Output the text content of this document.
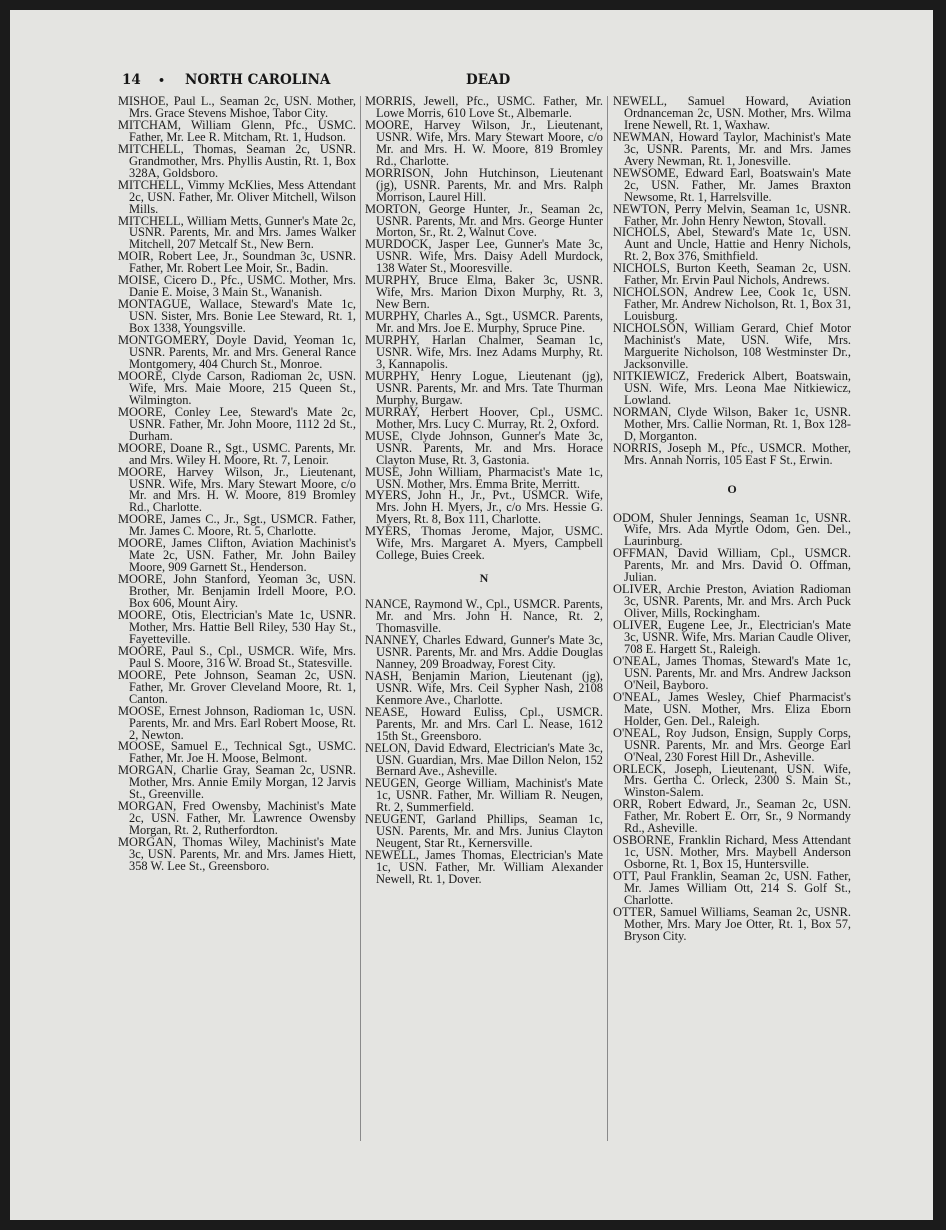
14 • NORTH CAROLINA	DEAD

MISHOE, Paul L., Seaman 2c, USN. Mother, Mrs. Grace Stevens Mishoe, Tabor City.

MITCHAM, William Glenn, Pfc., USMC. Father, Mr. Lee R. Mitcham, Rt. 1, Hudson.

MITCHELL, Thomas, Seaman 2c, USNR. Grandmother, Mrs. Phyllis Austin, Rt. 1, Box 328A, Goldsboro.

MITCHELL, Vimmy McKlies, Mess Attendant 2c, USN. Father, Mr. Oliver Mitchell, Wilson Mills.

MITCHELL, William Metts, Gunner's Mate 2c, USNR. Parents, Mr. and Mrs. James Walker Mitchell, 207 Metcalf St., New Bern.

MOIR, Robert Lee, Jr., Soundman 3c, USNR. Father, Mr. Robert Lee Moir, Sr., Badin.

MOISE, Cicero D., Pfc., USMC. Mother, Mrs. Danie E. Moise, 3 Main St., Wananish.

MONTAGUE, Wallace, Steward's Mate 1c, USN. Sister, Mrs. Bonie Lee Steward, Rt. 1, Box 1338, Youngsville.

MONTGOMERY, Doyle David, Yeoman 1c, USNR. Parents, Mr. and Mrs. General Rance Montgomery, 404 Church St., Monroe.

MOORE, Clyde Carson, Radioman 2c, USN. Wife, Mrs. Maie Moore, 215 Queen St., Wilmington.

MOORE, Conley Lee, Steward's Mate 2c, USNR. Father, Mr. John Moore, 1112 2d St., Durham.

MOORE, Doane R., Sgt., USMC. Parents, Mr. and Mrs. Wiley H. Moore, Rt. 7, Lenoir.

MOORE, Harvey Wilson, Jr., Lieutenant, USNR. Wife, Mrs. Mary Stewart Moore, c/o Mr. and Mrs. H. W. Moore, 819 Bromley Rd., Charlotte.

MOORE, James C., Jr., Sgt., USMCR. Father, Mr. James C. Moore, Rt. 5, Charlotte.

MOORE, James Clifton, Aviation Machinist's Mate 2c, USN. Father, Mr. John Bailey Moore, 909 Garnett St., Henderson.

MOORE, John Stanford, Yeoman 3c, USN. Brother, Mr. Benjamin Irdell Moore, P.O. Box 606, Mount Airy.

MOORE, Otis, Electrician's Mate 1c, USNR. Mother, Mrs. Hattie Bell Riley, 530 Hay St., Fayetteville.

MOORE, Paul S., Cpl., USMCR. Wife, Mrs. Paul S. Moore, 316 W. Broad St., Statesville.

MOORE, Pete Johnson, Seaman 2c, USN. Father, Mr. Grover Cleveland Moore, Rt. 1, Canton.

MOOSE, Ernest Johnson, Radioman 1c, USN. Parents, Mr. and Mrs. Earl Robert Moose, Rt. 2, Newton.

MOOSE, Samuel E., Technical Sgt., USMC. Father, Mr. Joe H. Moose, Belmont.

MORGAN, Charlie Gray, Seaman 2c, USNR. Mother, Mrs. Annie Emily Morgan, 12 Jarvis St., Greenville.

MORGAN, Fred Owensby, Machinist's Mate 2c, USN. Father, Mr. Lawrence Owensby Morgan, Rt. 2, Rutherfordton.

MORGAN, Thomas Wiley, Machinist's Mate 3c, USN. Parents, Mr. and Mrs. James Hiett, 358 W. Lee St., Greensboro.

MORRIS, Jewell, Pfc., USMC. Father, Mr. Lowe Morris, 610 Love St., Albemarle.

MOORE, Harvey Wilson, Jr., Lieutenant, USNR. Wife, Mrs. Mary Stewart Moore, c/o Mr. and Mrs. H. W. Moore, 819 Bromley Rd., Charlotte.

MORRISON, John Hutchinson, Lieutenant (jg), USNR. Parents, Mr. and Mrs. Ralph Morrison, Laurel Hill.

MORTON, George Hunter, Jr., Seaman 2c, USNR. Parents, Mr. and Mrs. George Hunter Morton, Sr., Rt. 2, Walnut Cove.

MURDOCK, Jasper Lee, Gunner's Mate 3c, USNR. Wife, Mrs. Daisy Adell Murdock, 138 Water St., Mooresville.

MURPHY, Bruce Elma, Baker 3c, USNR. Wife, Mrs. Marion Dixon Murphy, Rt. 3, New Bern.

MURPHY, Charles A., Sgt., USMCR. Parents, Mr. and Mrs. Joe E. Murphy, Spruce Pine.

MURPHY, Harlan Chalmer, Seaman 1c, USNR. Wife, Mrs. Inez Adams Murphy, Rt. 3, Kannapolis.

MURPHY, Henry Logue, Lieutenant (jg), USNR. Parents, Mr. and Mrs. Tate Thurman Murphy, Burgaw.

MURRAY, Herbert Hoover, Cpl., USMC. Mother, Mrs. Lucy C. Murray, Rt. 2, Oxford.

MUSE, Clyde Johnson, Gunner's Mate 3c, USNR. Parents, Mr. and Mrs. Horace Clayton Muse, Rt. 3, Gastonia.

MUSE, John William, Pharmacist's Mate 1c, USN. Mother, Mrs. Emma Brite, Merritt.

MYERS, John H., Jr., Pvt., USMCR. Wife, Mrs. John H. Myers, Jr., c/o Mrs. Hessie G. Myers, Rt. 8, Box 111, Charlotte.

MYERS, Thomas Jerome, Major, USMC. Wife, Mrs. Margaret A. Myers, Campbell College, Buies Creek.

N

NANCE, Raymond W., Cpl., USMCR. Parents, Mr. and Mrs. John H. Nance, Rt. 2, Thomasville.

NANNEY, Charles Edward, Gunner's Mate 3c, USNR. Parents, Mr. and Mrs. Addie Douglas Nanney, 209 Broadway, Forest City.

NASH, Benjamin Marion, Lieutenant (jg), USNR. Wife, Mrs. Ceil Sypher Nash, 2108 Kenmore Ave., Charlotte.

NEASE, Howard Euliss, Cpl., USMCR. Parents, Mr. and Mrs. Carl L. Nease, 1612 15th St., Greensboro.

NELON, David Edward, Electrician's Mate 3c, USN. Guardian, Mrs. Mae Dillon Nelon, 152 Bernard Ave., Asheville.

NEUGEN, George William, Machinist's Mate 1c, USNR. Father, Mr. William R. Neugen, Rt. 2, Summerfield.

NEUGENT, Garland Phillips, Seaman 1c, USN. Parents, Mr. and Mrs. Junius Clayton Neugent, Star Rt., Kernersville.

NEWELL, James Thomas, Electrician's Mate 1c, USN. Father, Mr. William Alexander Newell, Rt. 1, Dover.

NEWELL, Samuel Howard, Aviation Ordnanceman 2c, USN. Mother, Mrs. Wilma Irene Newell, Rt. 1, Waxhaw.

NEWMAN, Howard Taylor, Machinist's Mate 3c, USNR. Parents, Mr. and Mrs. James Avery Newman, Rt. 1, Jonesville.

NEWSOME, Edward Earl, Boatswain's Mate 2c, USN. Father, Mr. James Braxton Newsome, Rt. 1, Harrelsville.

NEWTON, Perry Melvin, Seaman 1c, USNR. Father, Mr. John Henry Newton, Stovall.

NICHOLS, Abel, Steward's Mate 1c, USN. Aunt and Uncle, Hattie and Henry Nichols, Rt. 2, Box 376, Smithfield.

NICHOLS, Burton Keeth, Seaman 2c, USN. Father, Mr. Ervin Paul Nichols, Andrews.

NICHOLSON, Andrew Lee, Cook 1c, USN. Father, Mr. Andrew Nicholson, Rt. 1, Box 31, Louisburg.

NICHOLSON, William Gerard, Chief Motor Machinist's Mate, USN. Wife, Mrs. Marguerite Nicholson, 108 Westminster Dr., Jacksonville.

NITKIEWICZ, Frederick Albert, Boatswain, USN. Wife, Mrs. Leona Mae Nitkiewicz, Lowland.

NORMAN, Clyde Wilson, Baker 1c, USNR. Mother, Mrs. Callie Norman, Rt. 1, Box 128-D, Morganton.

NORRIS, Joseph M., Pfc., USMCR. Mother, Mrs. Annah Norris, 105 East F St., Erwin.

O

ODOM, Shuler Jennings, Seaman 1c, USNR. Wife, Mrs. Ada Myrtle Odom, Gen. Del., Laurinburg.

OFFMAN, David William, Cpl., USMCR. Parents, Mr. and Mrs. David O. Offman, Julian.

OLIVER, Archie Preston, Aviation Radioman 3c, USNR. Parents, Mr. and Mrs. Arch Puck Oliver, Mills, Rockingham.

OLIVER, Eugene Lee, Jr., Electrician's Mate 3c, USNR. Wife, Mrs. Marian Caudle Oliver, 708 E. Hargett St., Raleigh.

O'NEAL, James Thomas, Steward's Mate 1c, USN. Parents, Mr. and Mrs. Andrew Jackson O'Neil, Bayboro.

O'NEAL, James Wesley, Chief Pharmacist's Mate, USN. Mother, Mrs. Eliza Eborn Holder, Gen. Del., Raleigh.

O'NEAL, Roy Judson, Ensign, Supply Corps, USNR. Parents, Mr. and Mrs. George Earl O'Neal, 230 Forest Hill Dr., Asheville.

ORLECK, Joseph, Lieutenant, USN. Wife, Mrs. Gertha C. Orleck, 2300 S. Main St., Winston-Salem.

ORR, Robert Edward, Jr., Seaman 2c, USN. Father, Mr. Robert E. Orr, Sr., 9 Normandy Rd., Asheville.

OSBORNE, Franklin Richard, Mess Attendant 1c, USN. Mother, Mrs. Maybell Anderson Osborne, Rt. 1, Box 15, Huntersville.

OTT, Paul Franklin, Seaman 2c, USN. Father, Mr. James William Ott, 214 S. Golf St., Charlotte.

OTTER, Samuel Williams, Seaman 2c, USNR. Mother, Mrs. Mary Joe Otter, Rt. 1, Box 57, Bryson City.
